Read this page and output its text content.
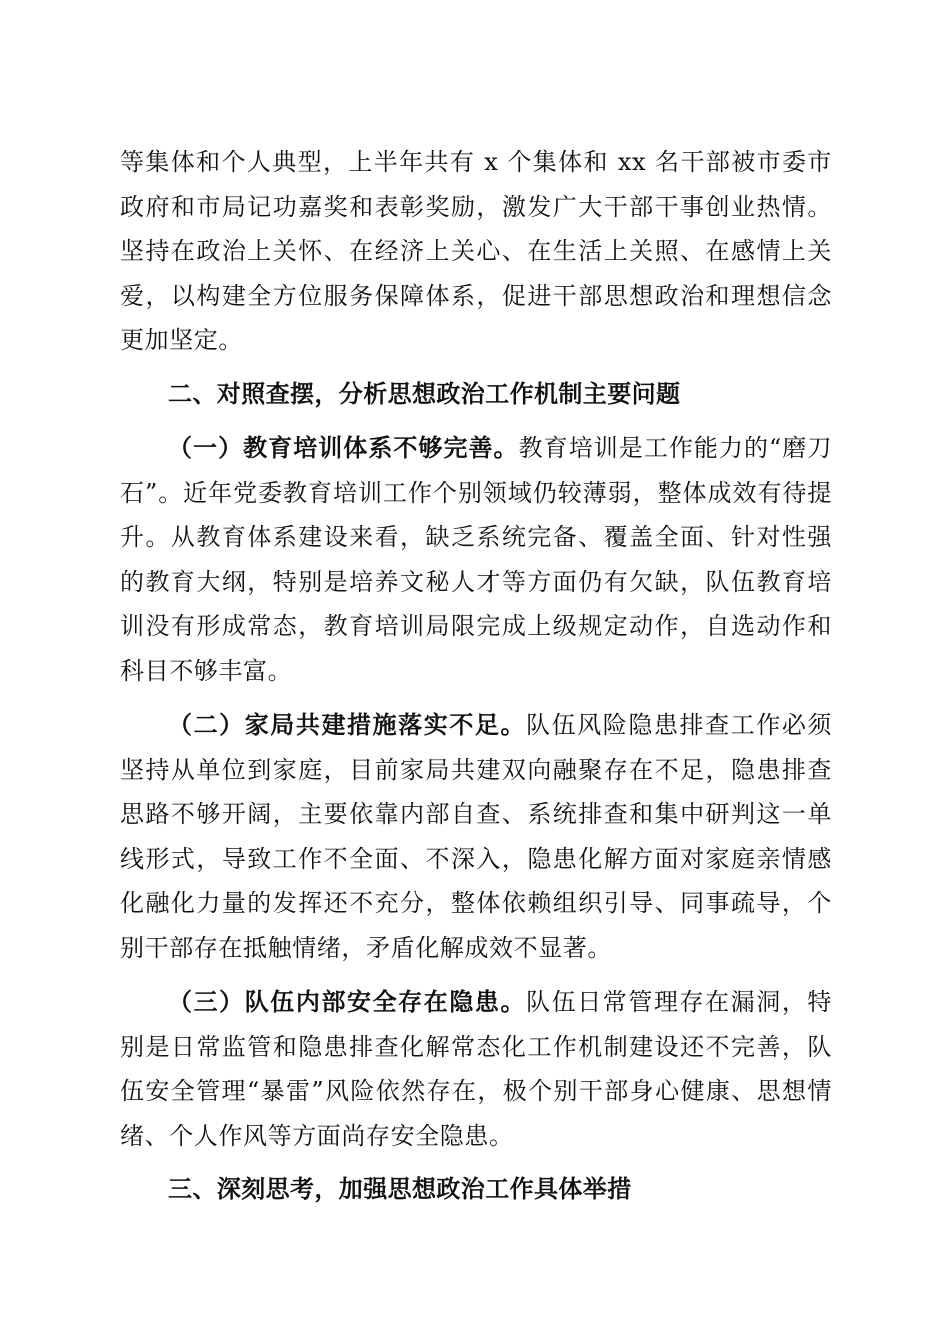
等集体和个人典型，上半年共有 x 个集体和 xx 名干部被市委市政府和市局记功嘉奖和表彰奖励，激发广大干部干事创业热情。坚持在政治上关怀、在经济上关心、在生活上关照、在感情上关爱，以构建全方位服务保障体系，促进干部思想政治和理想信念更加坚定。

二、对照查摆，分析思想政治工作机制主要问题

（一）教育培训体系不够完善。教育培训是工作能力的“磨刀石”。近年党委教育培训工作个别领域仍较薄弱，整体成效有待提升。从教育体系建设来看，缺乏系统完备、覆盖全面、针对性强的教育大纲，特别是培养文秘人才等方面仍有欠缺，队伍教育培训没有形成常态，教育培训局限完成上级规定动作，自选动作和科目不够丰富。

（二）家局共建措施落实不足。队伍风险隐患排查工作必须坚持从单位到家庭，目前家局共建双向融聚存在不足，隐患排查思路不够开阔，主要依靠内部自查、系统排查和集中研判这一单线形式，导致工作不全面、不深入，隐患化解方面对家庭亲情感化融化力量的发挥还不充分，整体依赖组织引导、同事疏导，个别干部存在抵触情绪，矛盾化解成效不显著。

（三）队伍内部安全存在隐患。队伍日常管理存在漏洞，特别是日常监管和隐患排查化解常态化工作机制建设还不完善，队伍安全管理“暴雷”风险依然存在，极个别干部身心健康、思想情绪、个人作风等方面尚存安全隐患。

三、深刻思考，加强思想政治工作具体举措
